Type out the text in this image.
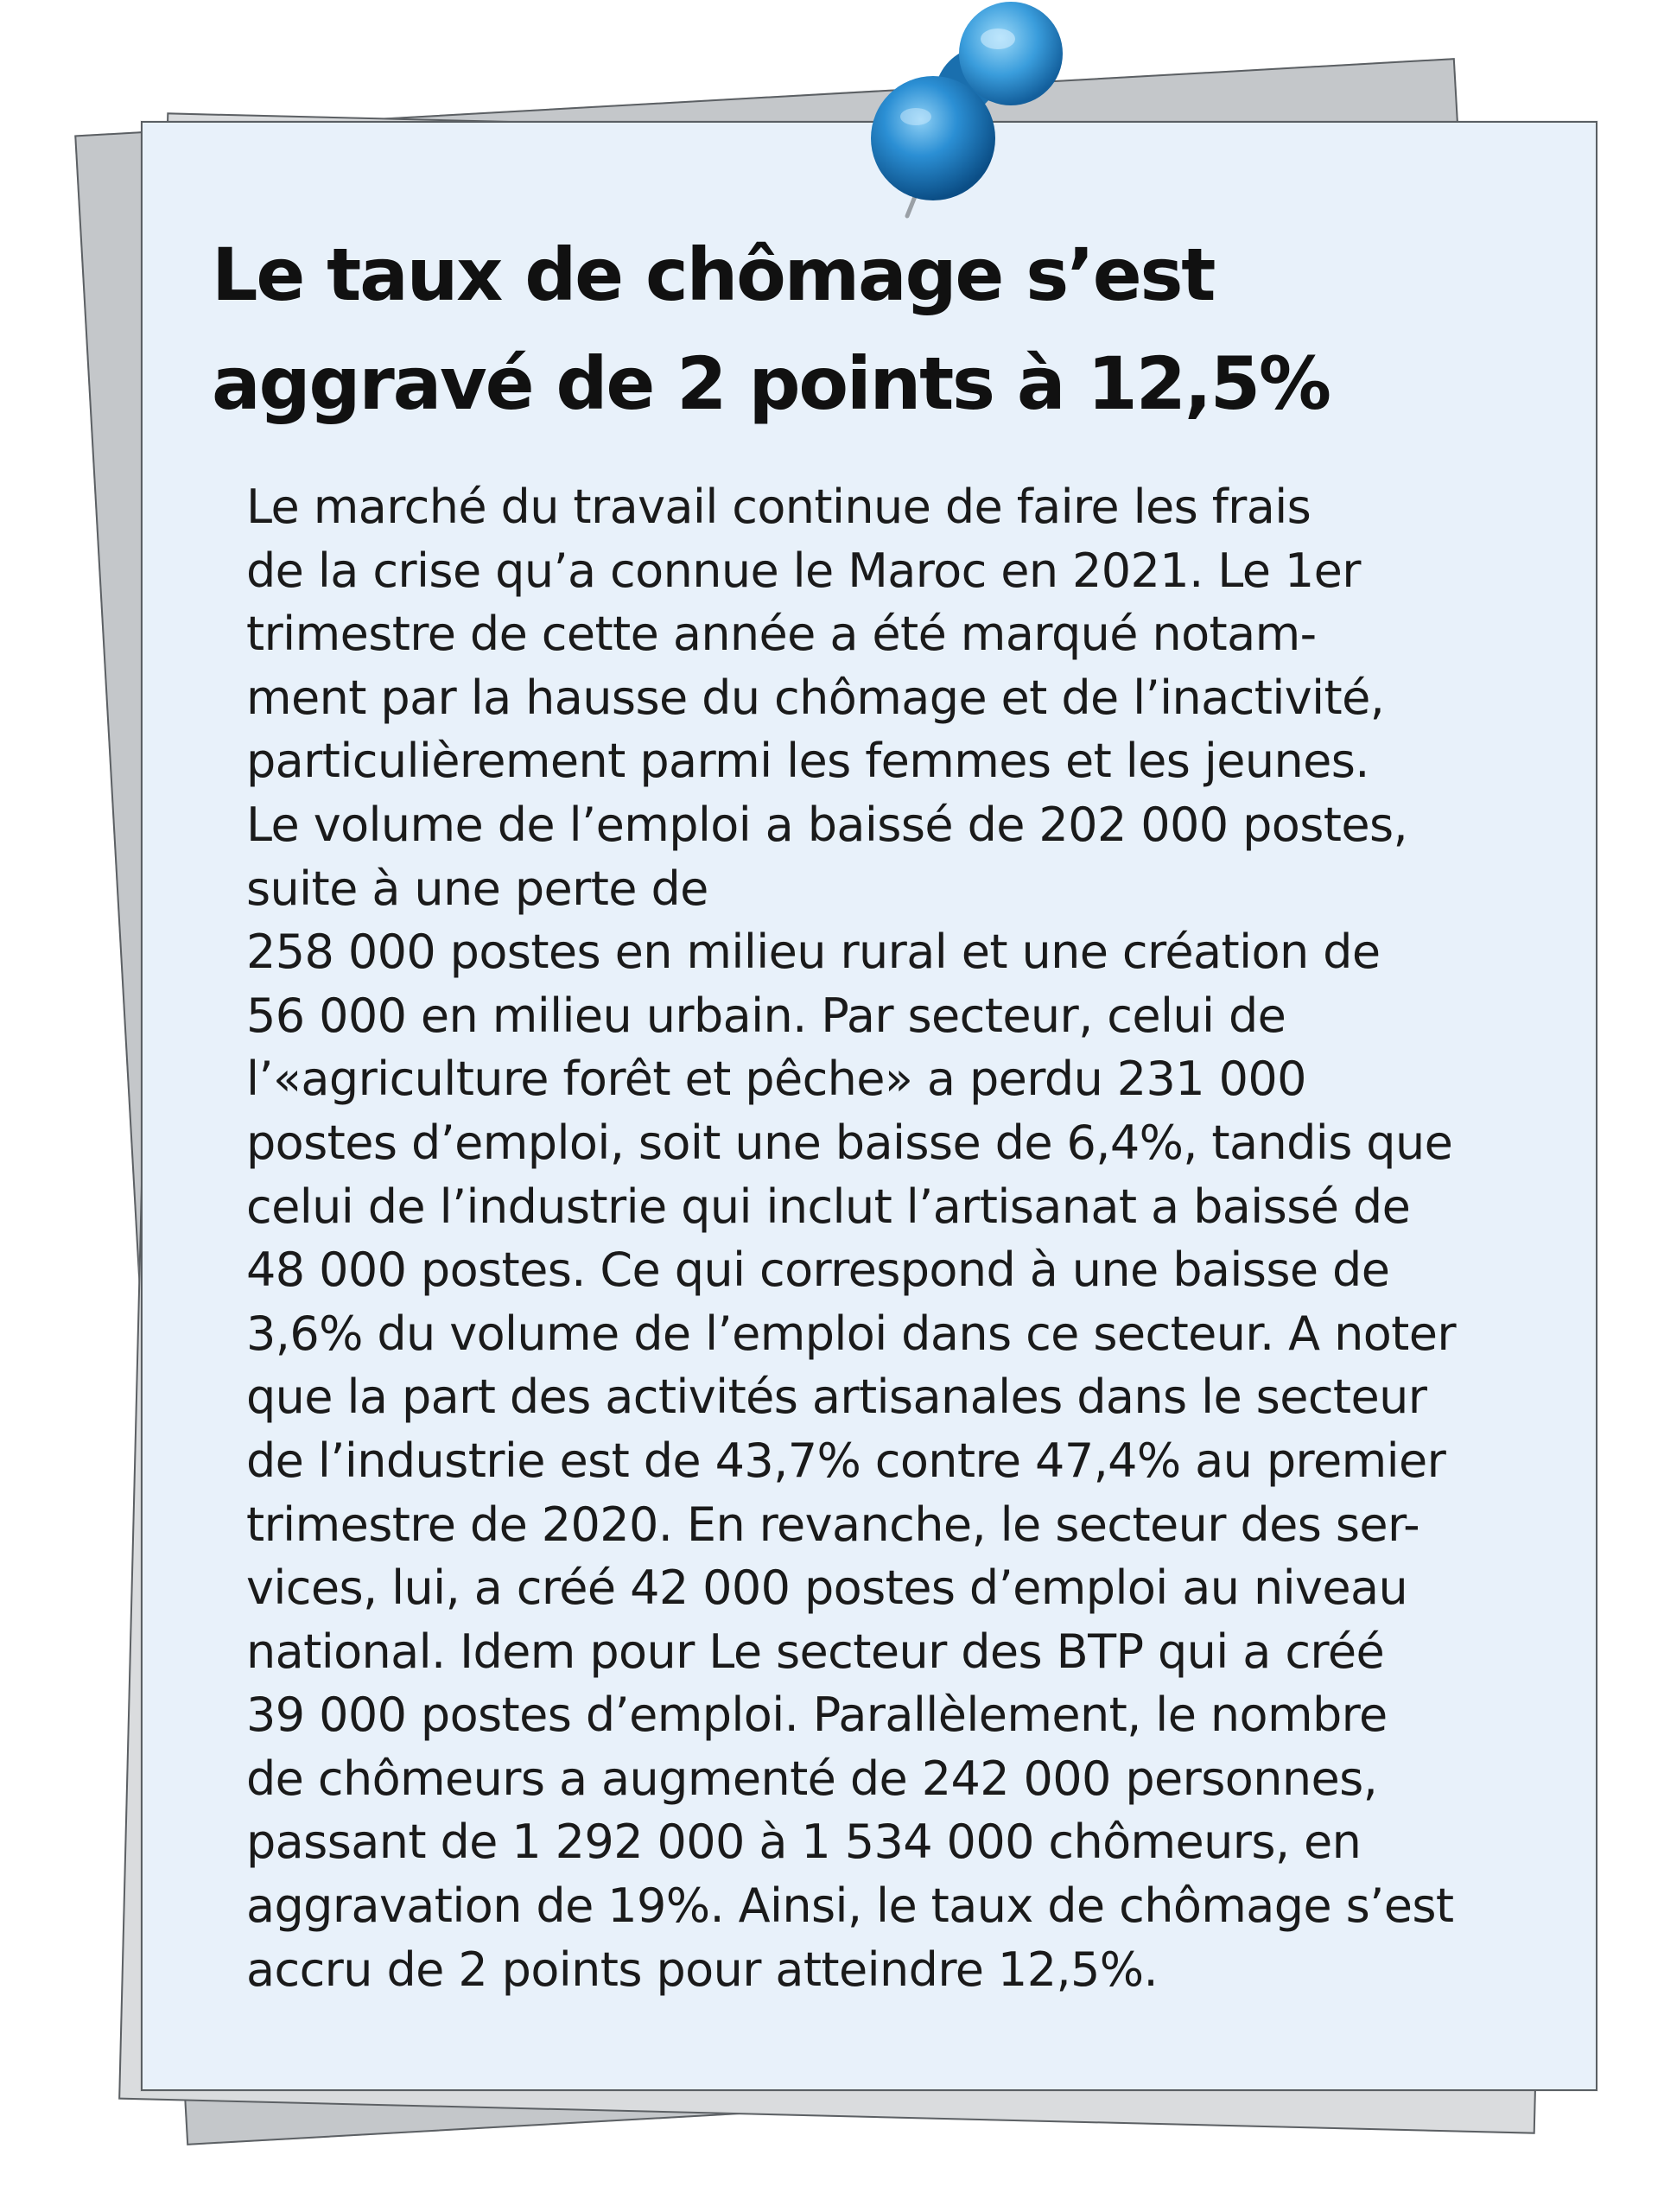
Le taux de chômage s’est
aggravé de 2 points à 12,5%
Le marché du travail continue de faire les frais
de la crise qu’a connue le Maroc en 2021. Le 1er
trimestre de cette année a été marqué notam-
ment par la hausse du chômage et de l’inactivité,
particulièrement parmi les femmes et les jeunes.
Le volume de l’emploi a baissé de 202 000 postes,
suite à une perte de
258 000 postes en milieu rural et une création de
56 000 en milieu urbain. Par secteur, celui de
l’«agriculture forêt et pêche» a perdu 231 000
postes d’emploi, soit une baisse de 6,4%, tandis que
celui de l’industrie qui inclut l’artisanat a baissé de
48 000 postes. Ce qui correspond à une baisse de
3,6% du volume de l’emploi dans ce secteur. A noter
que la part des activités artisanales dans le secteur
de l’industrie est de 43,7% contre 47,4% au premier
trimestre de 2020. En revanche, le secteur des ser-
vices, lui, a créé 42 000 postes d’emploi au niveau
national. Idem pour Le secteur des BTP qui a créé
39 000 postes d’emploi. Parallèlement, le nombre
de chômeurs a augmenté de 242 000 personnes,
passant de 1 292 000 à 1 534 000 chômeurs, en
aggravation de 19%. Ainsi, le taux de chômage s’est
accru de 2 points pour atteindre 12,5%.
